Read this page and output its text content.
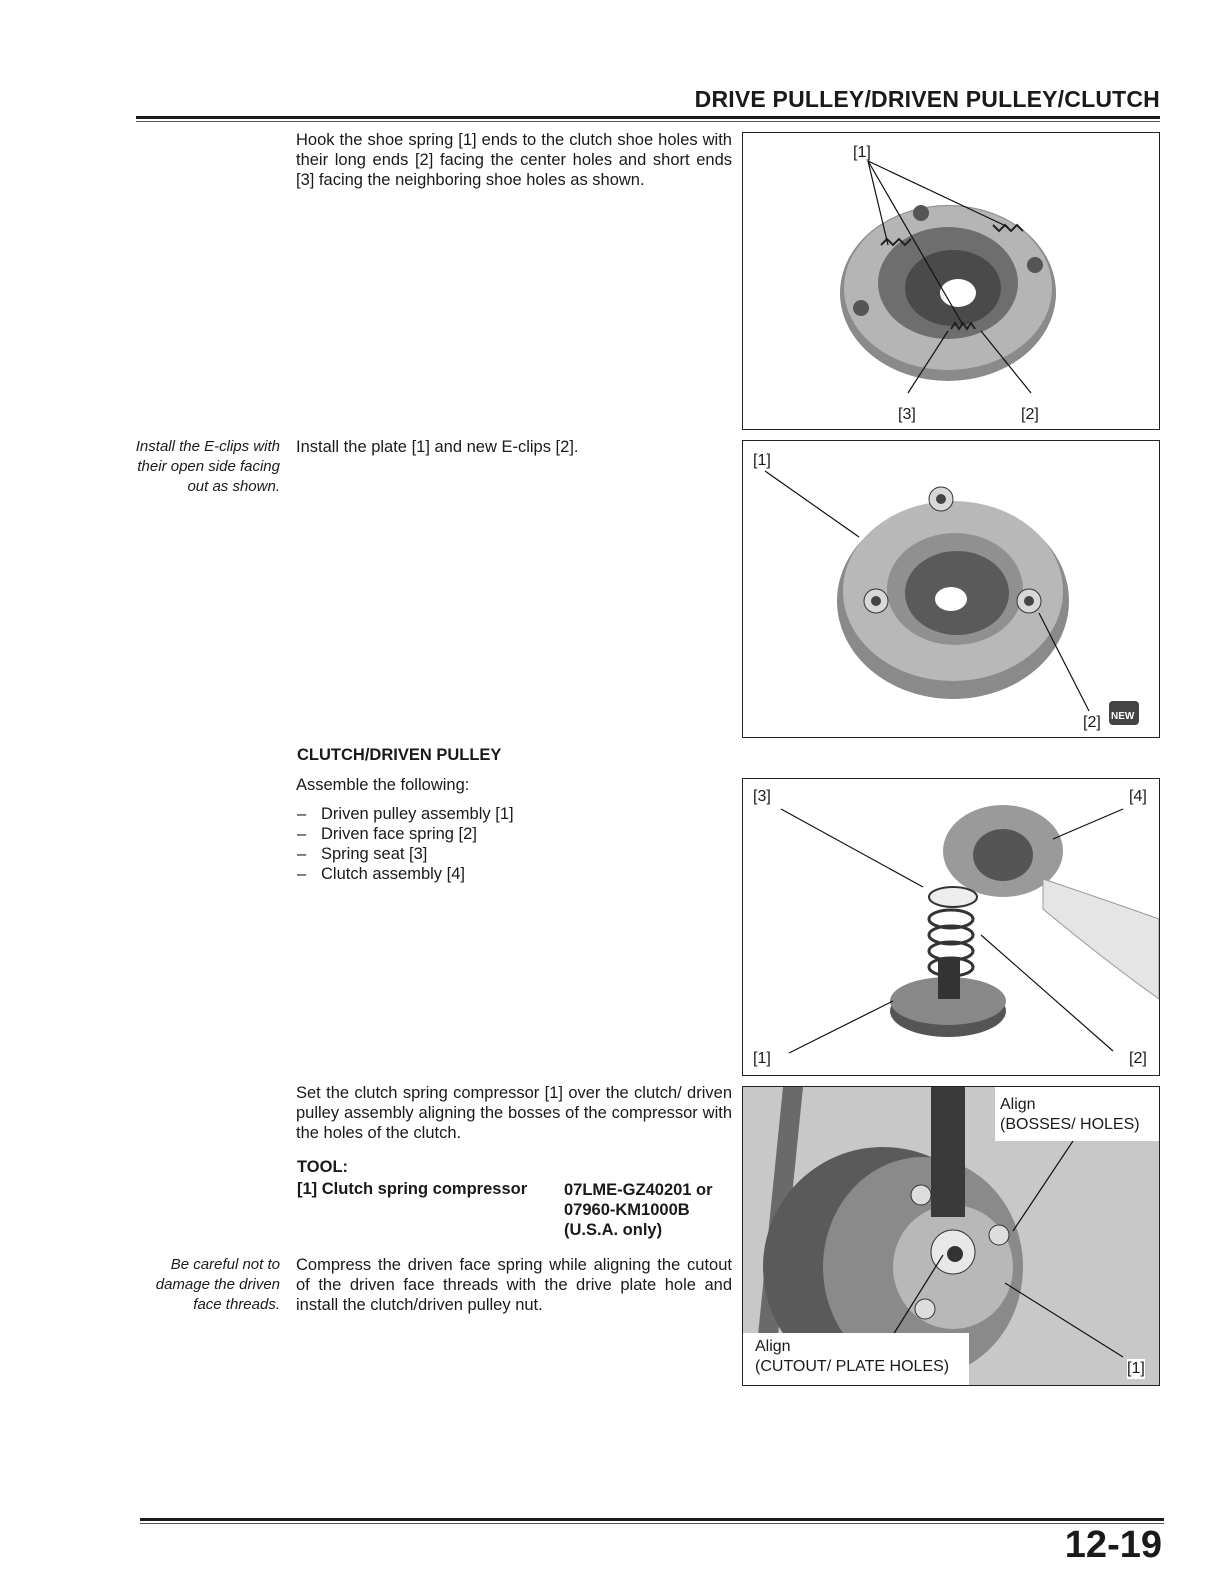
DRIVE PULLEY/DRIVEN PULLEY/CLUTCH
Hook the shoe spring [1] ends to the clutch shoe holes with their long ends [2] facing the center holes and short ends [3] facing the neighboring shoe holes as shown.
[1]
[3]	[2]
Install the E-clips with their open side facing out as shown.
Install the plate [1] and new E-clips [2].
[1]
[2] NEW
CLUTCH/DRIVEN PULLEY
Assemble the following:
– Driven pulley assembly [1]
– Driven face spring [2]
– Spring seat [3]
– Clutch assembly [4]
[3]	[4]
[1]	[2]
Set the clutch spring compressor [1] over the clutch/ driven pulley assembly aligning the bosses of the compressor with the holes of the clutch.
TOOL:
[1] Clutch spring compressor 07LME-GZ40201 or
07960-KM1000B
(U.S.A. only)
Be careful not to damage the driven face threads.
Compress the driven face spring while aligning the cutout of the driven face threads with the drive plate hole and install the clutch/driven pulley nut.
Align
(BOSSES/ HOLES)
Align
(CUTOUT/ PLATE HOLES)	[1]
12-19
